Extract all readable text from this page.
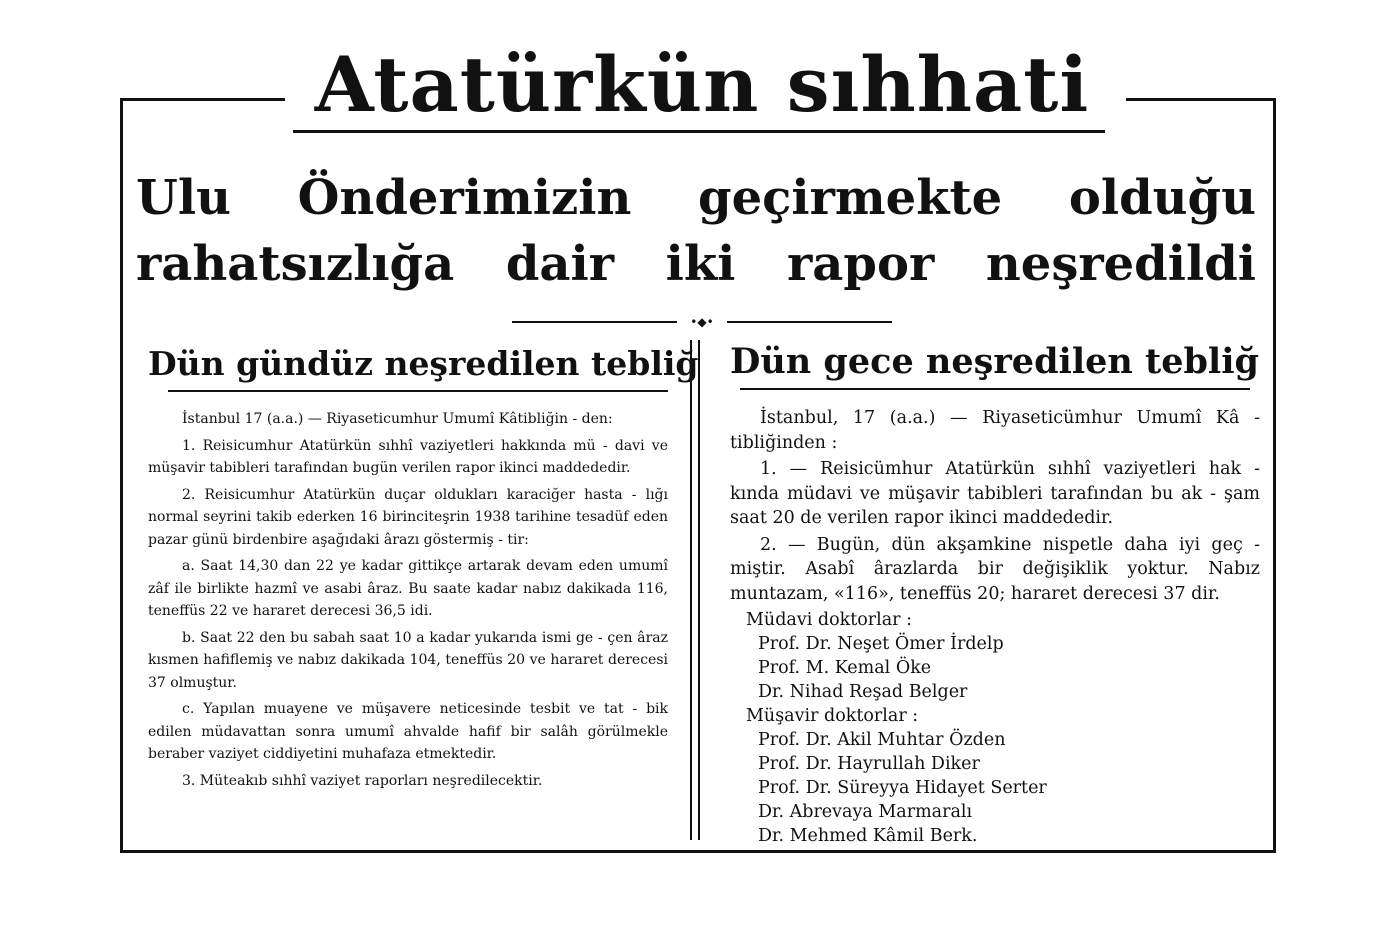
Atatürkün sıhhati
Ulu Önderimizin geçirmekte olduğu
rahatsızlığa dair iki rapor neşredildi
•◆•
Dün gündüz neşredilen tebliğ

İstanbul 17 (a.a.) — Riyaseticumhur Umumî Kâtibliğin - den:

1. Reisicumhur Atatürkün sıhhî vaziyetleri hakkında mü - davi ve müşavir tabibleri tarafından bugün verilen rapor ikinci maddededir.

2. Reisicumhur Atatürkün duçar oldukları karaciğer hasta - lığı normal seyrini takib ederken 16 birinciteşrin 1938 tarihine tesadüf eden pazar günü birdenbire aşağıdaki ârazı göstermiş - tir:

a. Saat 14,30 dan 22 ye kadar gittikçe artarak devam eden umumî zâf ile birlikte hazmî ve asabi âraz. Bu saate kadar nabız dakikada 116, teneffüs 22 ve hararet derecesi 36,5 idi.

b. Saat 22 den bu sabah saat 10 a kadar yukarıda ismi ge - çen âraz kısmen hafiflemiş ve nabız dakikada 104, teneffüs 20 ve hararet derecesi 37 olmuştur.

c. Yapılan muayene ve müşavere neticesinde tesbit ve tat - bik edilen müdavattan sonra umumî ahvalde hafif bir salâh görülmekle beraber vaziyet ciddiyetini muhafaza etmektedir.

3. Müteakıb sıhhî vaziyet raporları neşredilecektir.

Dün gece neşredilen tebliğ

İstanbul, 17 (a.a.) — Riyaseticümhur Umumî Kâ - tibliğinden :

1. — Reisicümhur Atatürkün sıhhî vaziyetleri hak - kında müdavi ve müşavir tabibleri tarafından bu ak - şam saat 20 de verilen rapor ikinci maddededir.

2. — Bugün, dün akşamkine nispetle daha iyi geç - miştir. Asabî ârazlarda bir değişiklik yoktur. Nabız muntazam, «116», teneffüs 20; hararet derecesi 37 dir.

Müdavi doktorlar :
Prof. Dr. Neşet Ömer İrdelp
Prof. M. Kemal Öke
Dr. Nihad Reşad Belger
Müşavir doktorlar :
Prof. Dr. Akil Muhtar Özden
Prof. Dr. Hayrullah Diker
Prof. Dr. Süreyya Hidayet Serter
Dr. Abrevaya Marmaralı
Dr. Mehmed Kâmil Berk.
